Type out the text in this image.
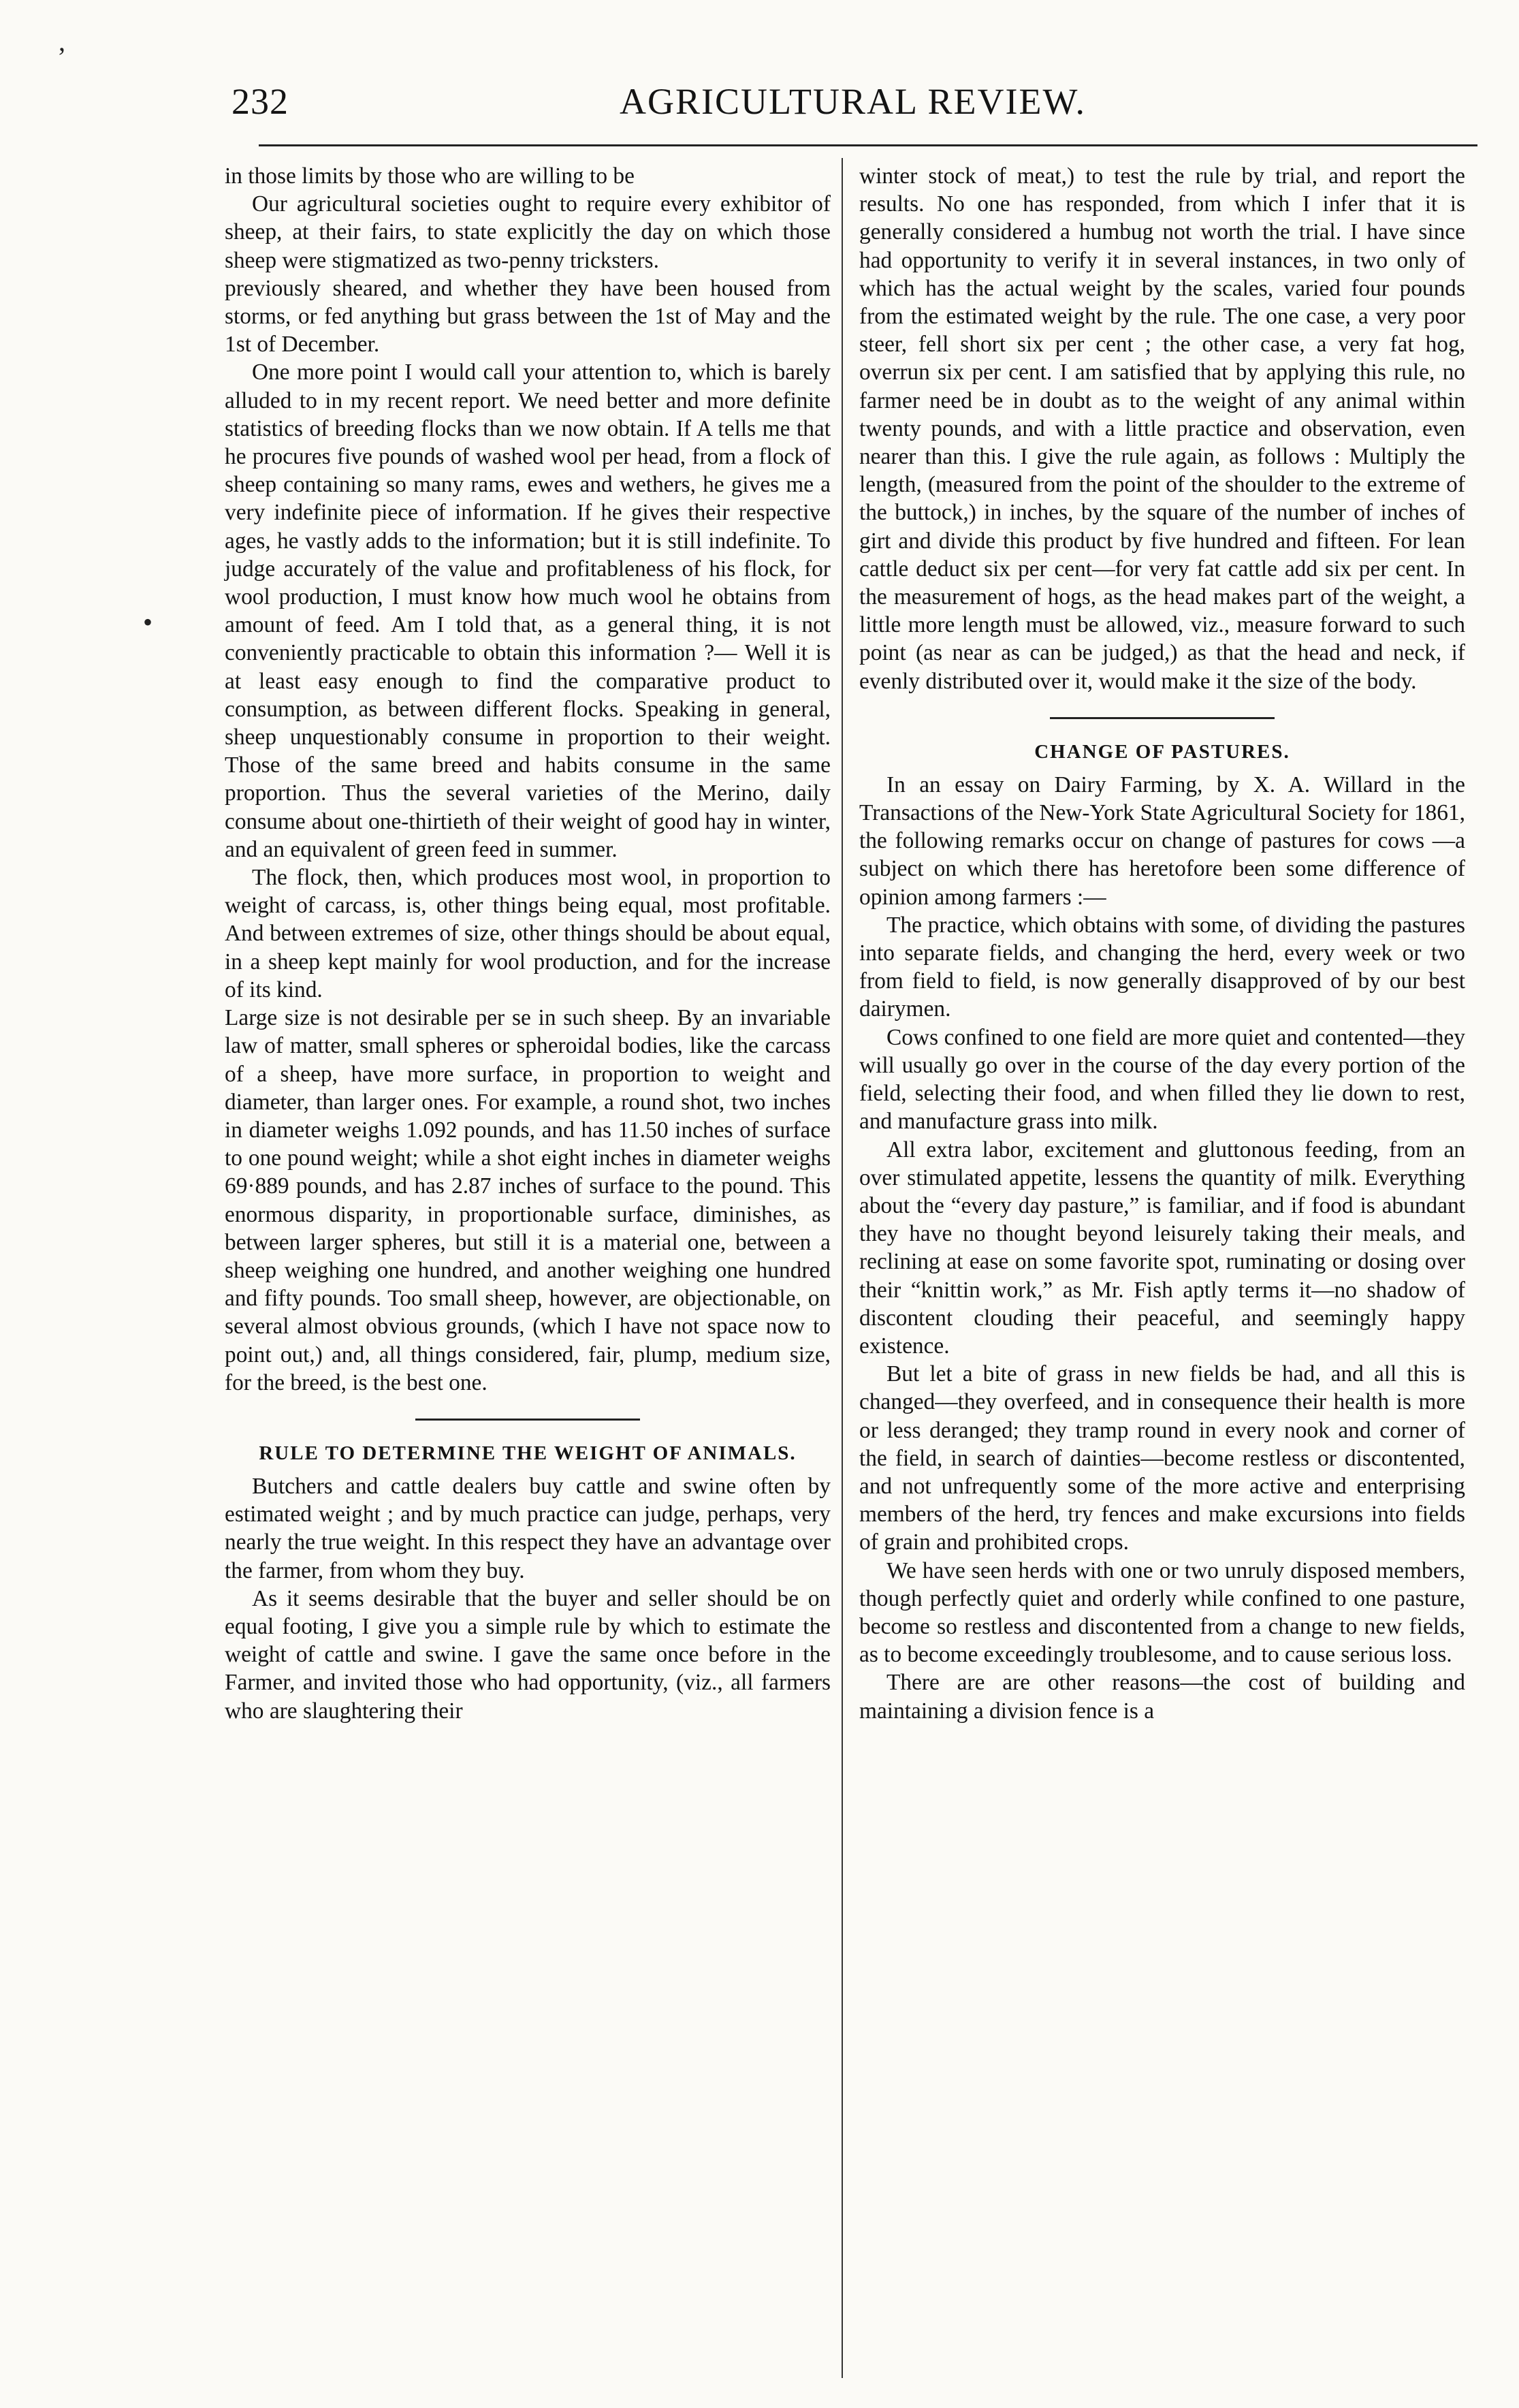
232	AGRICULTURAL REVIEW.
’
•

in those limits by those who are willing to be

Our agricultural societies ought to require every exhibitor of sheep, at their fairs, to state explicitly the day on which those sheep were stigmatized as two-penny tricksters.

previously sheared, and whether they have been housed from storms, or fed anything but grass between the 1st of May and the 1st of December.

One more point I would call your attention to, which is barely alluded to in my recent report. We need better and more definite statistics of breeding flocks than we now obtain. If A tells me that he procures five pounds of washed wool per head, from a flock of sheep containing so many rams, ewes and wethers, he gives me a very indefinite piece of information. If he gives their respective ages, he vastly adds to the information; but it is still indefinite. To judge accurately of the value and profitableness of his flock, for wool production, I must know how much wool he obtains from amount of feed. Am I told that, as a general thing, it is not conveniently practicable to obtain this information ?— Well it is at least easy enough to find the comparative product to consumption, as between different flocks. Speaking in general, sheep unquestionably consume in proportion to their weight. Those of the same breed and habits consume in the same proportion. Thus the several varieties of the Merino, daily consume about one-thirtieth of their weight of good hay in winter, and an equivalent of green feed in summer.

The flock, then, which produces most wool, in proportion to weight of carcass, is, other things being equal, most profitable. And between extremes of size, other things should be about equal, in a sheep kept mainly for wool production, and for the increase of its kind.

Large size is not desirable per se in such sheep. By an invariable law of matter, small spheres or spheroidal bodies, like the carcass of a sheep, have more surface, in proportion to weight and diameter, than larger ones. For example, a round shot, two inches in diameter weighs 1.092 pounds, and has 11.50 inches of surface to one pound weight; while a shot eight inches in diameter weighs 69·889 pounds, and has 2.87 inches of surface to the pound. This enormous disparity, in proportionable surface, diminishes, as between larger spheres, but still it is a material one, between a sheep weighing one hundred, and another weighing one hundred and fifty pounds. Too small sheep, however, are objectionable, on several almost obvious grounds, (which I have not space now to point out,) and, all things considered, fair, plump, medium size, for the breed, is the best one.

RULE TO DETERMINE THE WEIGHT OF ANIMALS.

Butchers and cattle dealers buy cattle and swine often by estimated weight ; and by much practice can judge, perhaps, very nearly the true weight. In this respect they have an advantage over the farmer, from whom they buy.

As it seems desirable that the buyer and seller should be on equal footing, I give you a simple rule by which to estimate the weight of cattle and swine. I gave the same once before in the Farmer, and invited those who had opportunity, (viz., all farmers who are slaughtering their

winter stock of meat,) to test the rule by trial, and report the results. No one has responded, from which I infer that it is generally considered a humbug not worth the trial. I have since had opportunity to verify it in several instances, in two only of which has the actual weight by the scales, varied four pounds from the estimated weight by the rule. The one case, a very poor steer, fell short six per cent ; the other case, a very fat hog, overrun six per cent. I am satisfied that by applying this rule, no farmer need be in doubt as to the weight of any animal within twenty pounds, and with a little practice and observation, even nearer than this. I give the rule again, as follows : Multiply the length, (measured from the point of the shoulder to the extreme of the buttock,) in inches, by the square of the number of inches of girt and divide this product by five hundred and fifteen. For lean cattle deduct six per cent—for very fat cattle add six per cent. In the measurement of hogs, as the head makes part of the weight, a little more length must be allowed, viz., measure forward to such point (as near as can be judged,) as that the head and neck, if evenly distributed over it, would make it the size of the body.

CHANGE OF PASTURES.

In an essay on Dairy Farming, by X. A. Willard in the Transactions of the New-York State Agricultural Society for 1861, the following remarks occur on change of pastures for cows —a subject on which there has heretofore been some difference of opinion among farmers :—

The practice, which obtains with some, of dividing the pastures into separate fields, and changing the herd, every week or two from field to field, is now generally disapproved of by our best dairymen.

Cows confined to one field are more quiet and contented—they will usually go over in the course of the day every portion of the field, selecting their food, and when filled they lie down to rest, and manufacture grass into milk.

All extra labor, excitement and gluttonous feeding, from an over stimulated appetite, lessens the quantity of milk. Everything about the “every day pasture,” is familiar, and if food is abundant they have no thought beyond leisurely taking their meals, and reclining at ease on some favorite spot, ruminating or dosing over their “knittin work,” as Mr. Fish aptly terms it—no shadow of discontent clouding their peaceful, and seemingly happy existence.

But let a bite of grass in new fields be had, and all this is changed—they overfeed, and in consequence their health is more or less deranged; they tramp round in every nook and corner of the field, in search of dainties—become restless or discontented, and not unfrequently some of the more active and enterprising members of the herd, try fences and make excursions into fields of grain and prohibited crops.

We have seen herds with one or two unruly disposed members, though perfectly quiet and orderly while confined to one pasture, become so restless and discontented from a change to new fields, as to become exceedingly troublesome, and to cause serious loss.

There are are other reasons—the cost of building and maintaining a division fence is a
